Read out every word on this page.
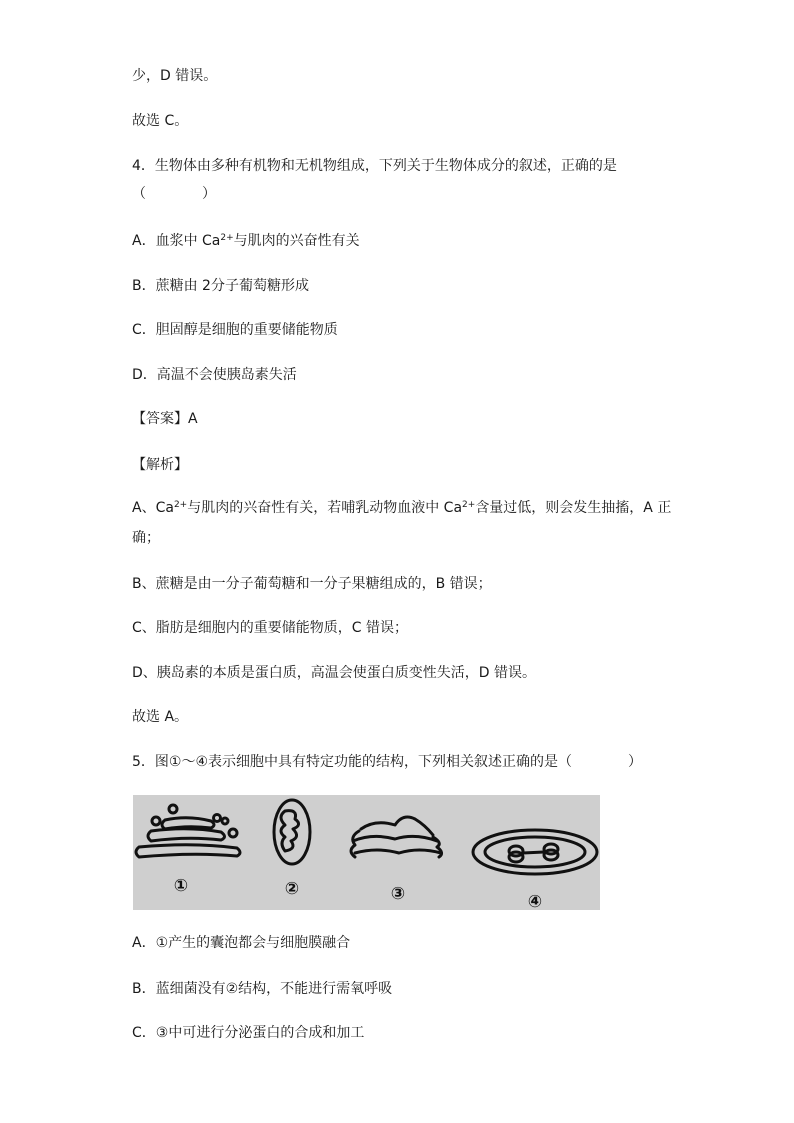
少，D 错误。
故选 C。
4．生物体由多种有机物和无机物组成，下列关于生物体成分的叙述，正确的是
（　　　　）
A．血浆中 $Ca^{2+}$与肌肉的兴奋性有关
B．蔗糖由 2分子葡萄糖形成
C．胆固醇是细胞的重要储能物质
D．高温不会使胰岛素失活
【答案】A
【解析】
A、$Ca^{2+}$与肌肉的兴奋性有关，若哺乳动物血液中 $Ca^{2+}$含量过低，则会发生抽搐，A 正
确；
B、蔗糖是由一分子葡萄糖和一分子果糖组成的，B 错误；
C、脂肪是细胞内的重要储能物质，C 错误；
D、胰岛素的本质是蛋白质，高温会使蛋白质变性失活，D 错误。
故选 A。
5．图①～④表示细胞中具有特定功能的结构，下列相关叙述正确的是（　　　　）
A．①产生的囊泡都会与细胞膜融合
B．蓝细菌没有②结构，不能进行需氧呼吸
C．③中可进行分泌蛋白的合成和加工
①	②	③	④
